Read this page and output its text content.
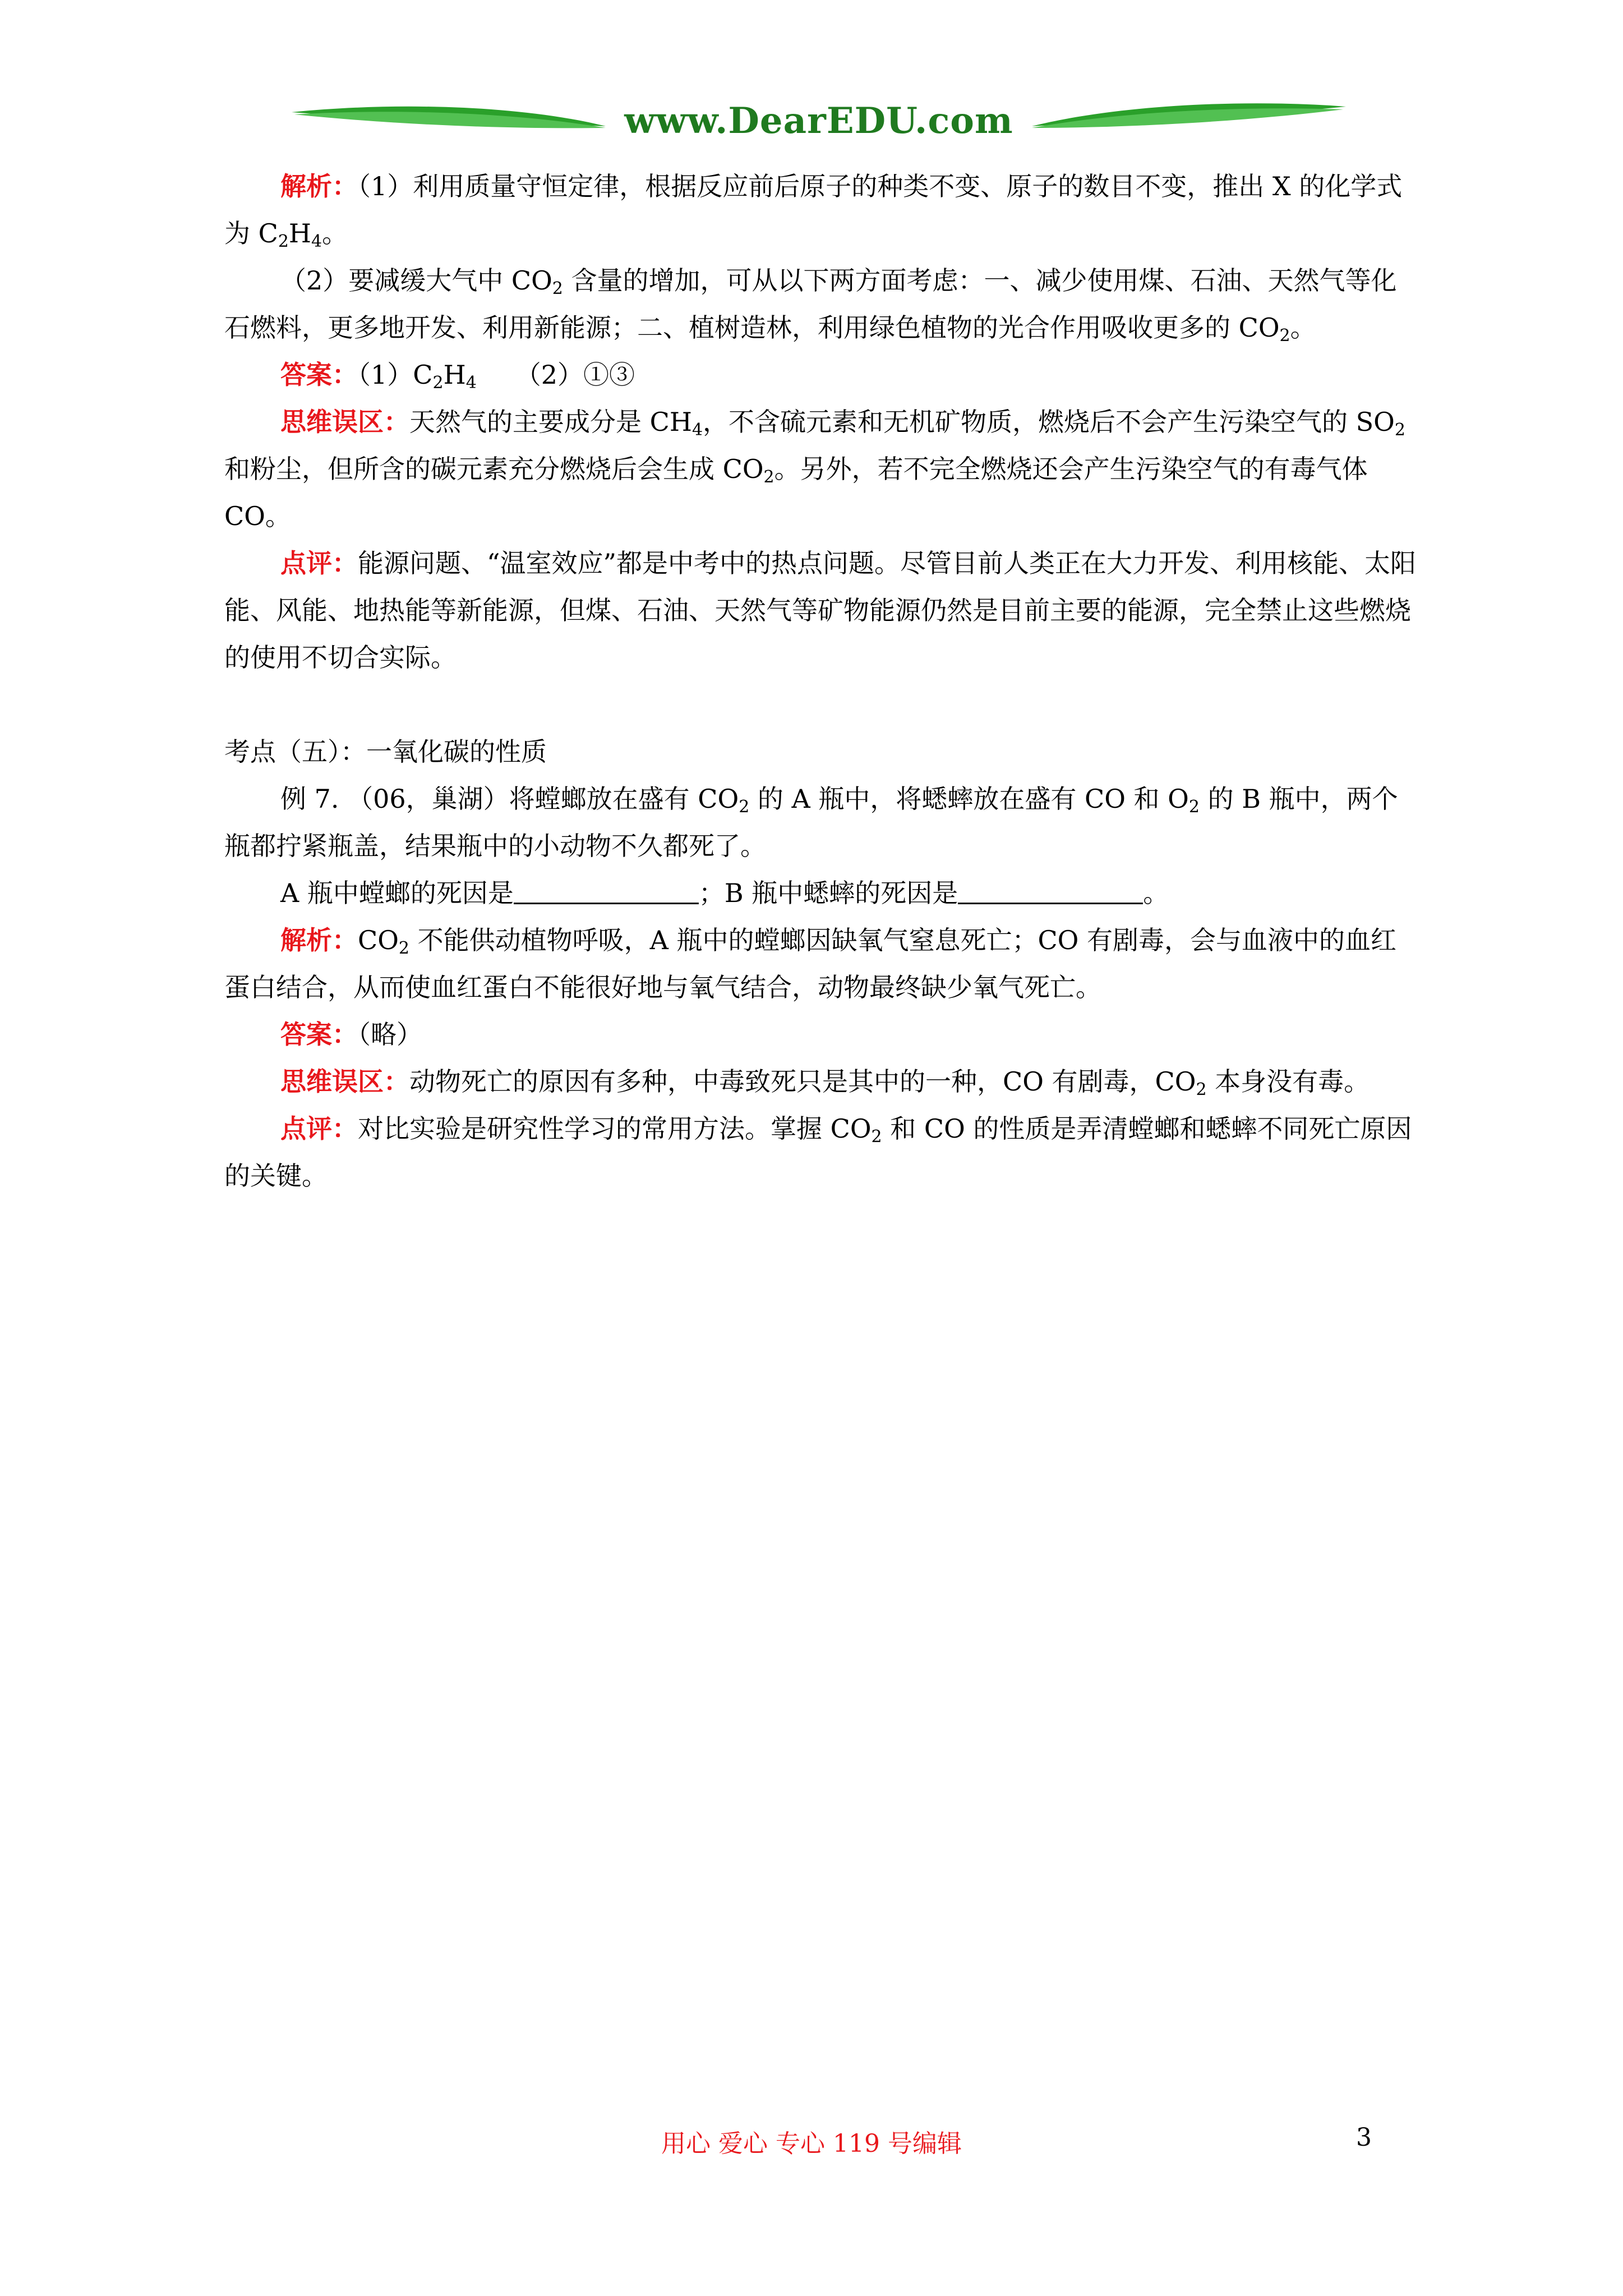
www.DearEDU.com

解析：（1）利用质量守恒定律，根据反应前后原子的种类不变、原子的数目不变，推出 X 的化学式为 $C_2H_4$。

（2）要减缓大气中 $CO_2$ 含量的增加，可从以下两方面考虑：一、减少使用煤、石油、天然气等化石燃料，更多地开发、利用新能源；二、植树造林，利用绿色植物的光合作用吸收更多的 $CO_2$。

答案：$(1)C_2H_4$　　（2）①③

思维误区：天然气的主要成分是 $CH_4$，不含硫元素和无机矿物质，燃烧后不会产生污染空气的 $SO_2$ 和粉尘，但所含的碳元素充分燃烧后会生成 $CO_2$。另外，若不完全燃烧还会产生污染空气的有毒气体 CO。

点评：能源问题、“温室效应”都是中考中的热点问题。尽管目前人类正在大力开发、利用核能、太阳能、风能、地热能等新能源，但煤、石油、天然气等矿物能源仍然是目前主要的能源，完全禁止这些燃烧的使用不切合实际。

考点（五）：一氧化碳的性质

例 7. （06，巢湖）将螳螂放在盛有 $CO_2$ 的 A 瓶中，将蟋蟀放在盛有 CO 和 $O_2$ 的 B 瓶中，两个瓶都拧紧瓶盖，结果瓶中的小动物不久都死了。

A 瓶中螳螂的死因是	；B 瓶中蟋蟀的死因是	。

解析：$CO_2$ 不能供动植物呼吸，A 瓶中的螳螂因缺氧气窒息死亡；CO 有剧毒，会与血液中的血红蛋白结合，从而使血红蛋白不能很好地与氧气结合，动物最终缺少氧气死亡。

答案：（略）

思维误区：动物死亡的原因有多种，中毒致死只是其中的一种，CO 有剧毒，$CO_2$ 本身没有毒。

点评：对比实验是研究性学习的常用方法。掌握 $CO_2$ 和 CO 的性质是弄清螳螂和蟋蟀不同死亡原因的关键。

用心 爱心 专心 119 号编辑	3
